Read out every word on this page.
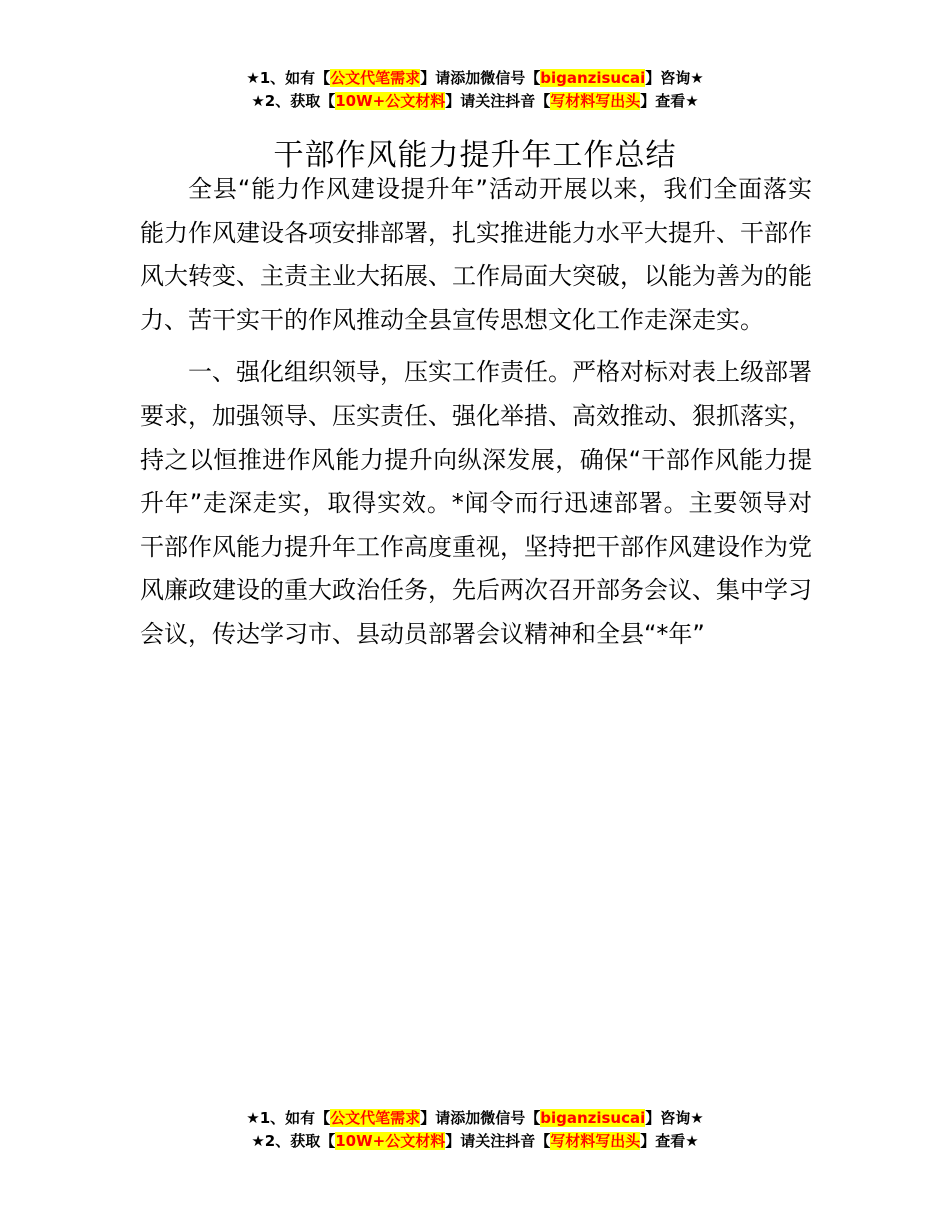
★1、如有【公文代笔需求】请添加微信号【biganzisucai】咨询★
★2、获取【10W+公文材料】请关注抖音【写材料写出头】查看★
干部作风能力提升年工作总结

全县“能力作风建设提升年”活动开展以来，我们全面落实能力作风建设各项安排部署，扎实推进能力水平大提升、干部作风大转变、主责主业大拓展、工作局面大突破，以能为善为的能力、苦干实干的作风推动全县宣传思想文化工作走深走实。

一、强化组织领导，压实工作责任。严格对标对表上级部署要求，加强领导、压实责任、强化举措、高效推动、狠抓落实，持之以恒推进作风能力提升向纵深发展，确保“干部作风能力提升年”走深走实，取得实效。*闻令而行迅速部署。主要领导对干部作风能力提升年工作高度重视，坚持把干部作风建设作为党风廉政建设的重大政治任务，先后两次召开部务会议、集中学习会议，传达学习市、县动员部署会议精神和全县“*年”

★1、如有【公文代笔需求】请添加微信号【biganzisucai】咨询★
★2、获取【10W+公文材料】请关注抖音【写材料写出头】查看★
